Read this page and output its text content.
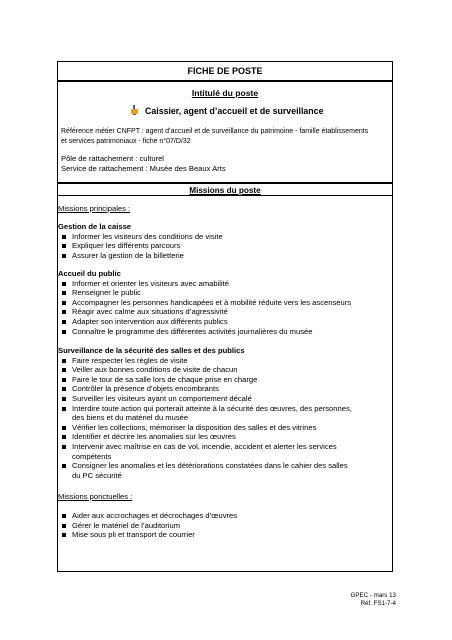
FICHE DE POSTE
Intitulé du poste
Caissier, agent d’accueil et de surveillance
Référence métier CNFPT : agent d’accueil et de surveillance du patrimoine - famille établissements
et services patrimoniaux - fiche n°07/D/32
Pôle de rattachement : culturel
Service de rattachement : Musée des Beaux Arts
Missions du poste
Missions principales :
Gestion de la caisse
Informer les visiteurs des conditions de visite
Expliquer les différents parcours
Assurer la gestion de la billetterie
Accueil du public
Informer et orienter les visiteurs avec amabilité
Renseigner le public
Accompagner les personnes handicapées et à mobilité réduite vers les ascenseurs
Réagir avec calme aux situations d’agressivité
Adapter son intervention aux différents publics
Connaître le programme des différentes activités journalières du musée
Surveillance de la sécurité des salles et des publics
Faire respecter les règles de visite
Veiller aux bonnes conditions de visite de chacun
Faire le tour de sa salle lors de chaque prise en charge
Contrôler la présence d’objets encombrants
Surveiller les visiteurs ayant un comportement décalé
Interdire toute action qui porterait atteinte à la sécurité des œuvres, des personnes,
des biens et du matériel du musée
Vérifier les collections, mémoriser la disposition des salles et des vitrines
Identifier et décrire les anomalies sur les œuvres
Intervenir avec maîtrise en cas de vol, incendie, accident et alerter les services
compétents
Consigner les anomalies et les détériorations constatées dans le cahier des salles
du PC sécurité
Missions ponctuelles :
Aider aux accrochages et décrochages d’œuvres
Gérer le matériel de l’auditorium
Mise sous pli et transport de courrier
GPEC - mars 13
Réf. FS1-7-4
